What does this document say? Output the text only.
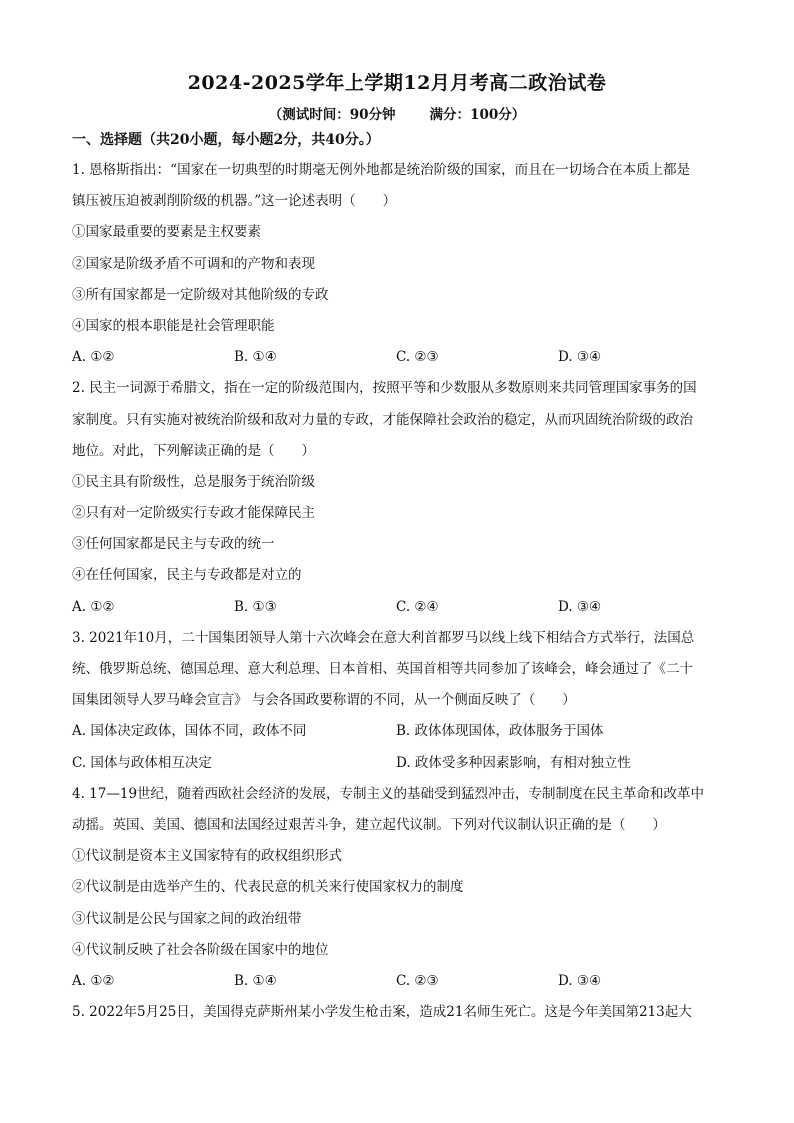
2024-2025学年上学期12月月考高二政治试卷
（测试时间：90分钟	满分：100分）
一、选择题（共20小题，每小题2分，共40分。）
1. 恩格斯指出：“国家在一切典型的时期毫无例外地都是统治阶级的国家，而且在一切场合在本质上都是
镇压被压迫被剥削阶级的机器。”这一论述表明（　　）
①国家最重要的要素是主权要素
②国家是阶级矛盾不可调和的产物和表现
③所有国家都是一定阶级对其他阶级的专政
④国家的根本职能是社会管理职能
A. ①②	B. ①④	C. ②③	D. ③④
2. 民主一词源于希腊文，指在一定的阶级范围内，按照平等和少数服从多数原则来共同管理国家事务的国
家制度。只有实施对被统治阶级和敌对力量的专政，才能保障社会政治的稳定，从而巩固统治阶级的政治
地位。对此，下列解读正确的是（　　）
①民主具有阶级性，总是服务于统治阶级
②只有对一定阶级实行专政才能保障民主
③任何国家都是民主与专政的统一
④在任何国家，民主与专政都是对立的
A. ①②	B. ①③	C. ②④	D. ③④
3. 2021年10月，二十国集团领导人第十六次峰会在意大利首都罗马以线上线下相结合方式举行，法国总
统、俄罗斯总统、德国总理、意大利总理、日本首相、英国首相等共同参加了该峰会，峰会通过了《二十
国集团领导人罗马峰会宣言》 与会各国政要称谓的不同，从一个侧面反映了（　　）
A. 国体决定政体，国体不同，政体不同	B. 政体体现国体，政体服务于国体
C. 国体与政体相互决定	D. 政体受多种因素影响，有相对独立性
4. 17—19世纪，随着西欧社会经济的发展，专制主义的基础受到猛烈冲击，专制制度在民主革命和改革中
动摇。英国、美国、德国和法国经过艰苦斗争，建立起代议制。下列对代议制认识正确的是（　　）
①代议制是资本主义国家特有的政权组织形式
②代议制是由选举产生的、代表民意的机关来行使国家权力的制度
③代议制是公民与国家之间的政治纽带
④代议制反映了社会各阶级在国家中的地位
A. ①②	B. ①④	C. ②③	D. ③④
5. 2022年5月25日，美国得克萨斯州某小学发生枪击案，造成21名师生死亡。这是今年美国第213起大
